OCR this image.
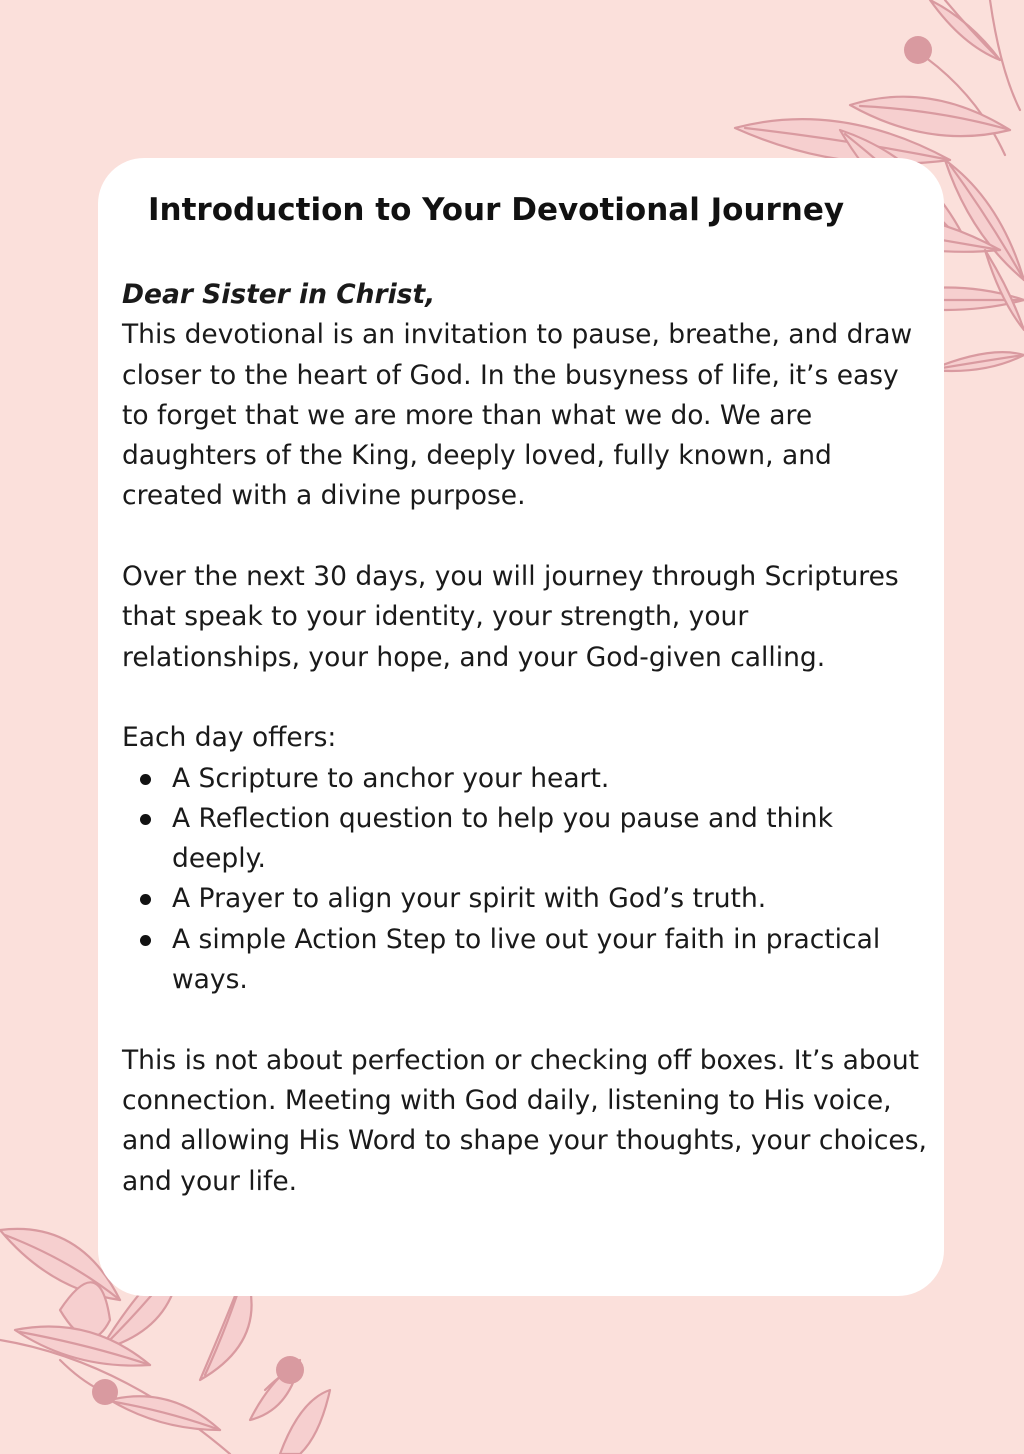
Introduction to Your Devotional Journey

Dear Sister in Christ,

This devotional is an invitation to pause, breathe, and draw closer to the heart of God. In the busyness of life, it’s easy to forget that we are more than what we do. We are daughters of the King, deeply loved, fully known, and created with a divine purpose.

Over the next 30 days, you will journey through Scriptures that speak to your identity, your strength, your relationships, your hope, and your God-given calling.

Each day offers:

A Scripture to anchor your heart.
A Reflection question to help you pause and think deeply.
A Prayer to align your spirit with God’s truth.
A simple Action Step to live out your faith in practical ways.

This is not about perfection or checking off boxes. It’s about connection. Meeting with God daily, listening to His voice, and allowing His Word to shape your thoughts, your choices, and your life.
